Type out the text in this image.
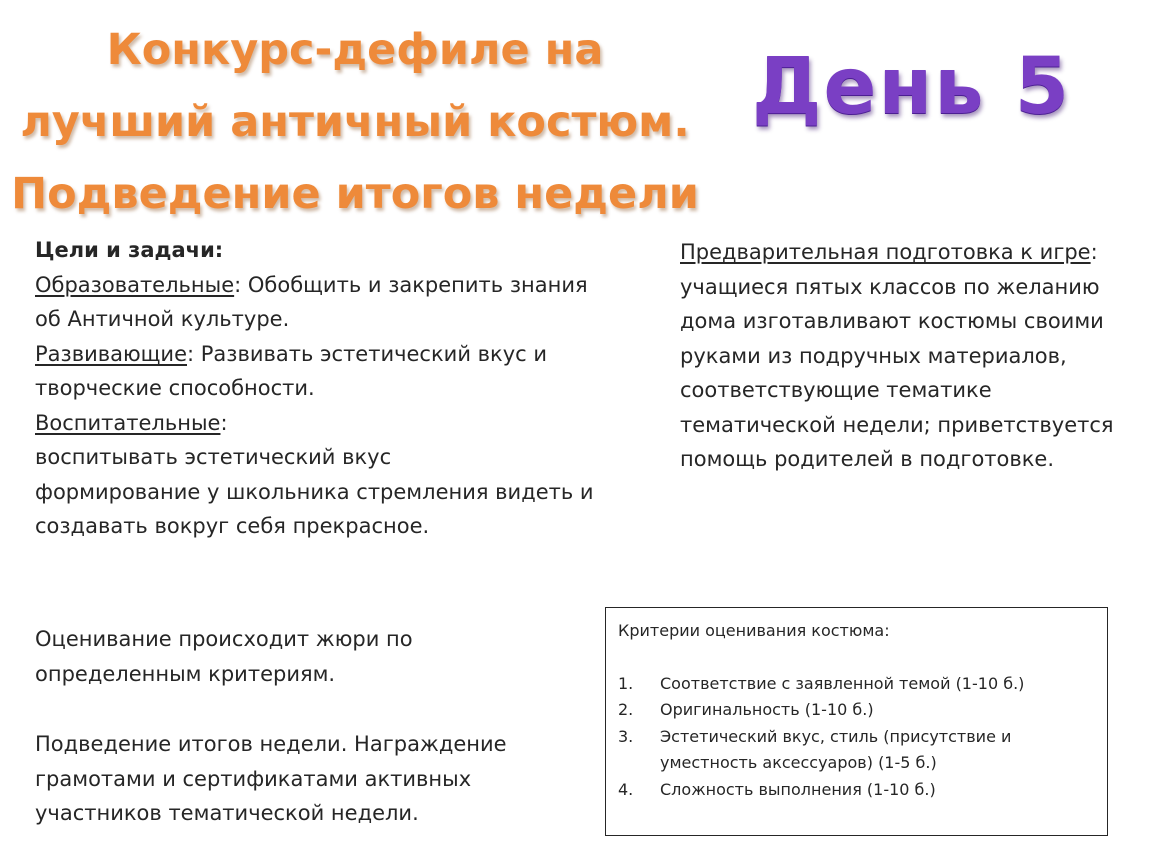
Конкурс-дефиле на
лучший античный костюм.
Подведение итогов недели
День 5
Цели и задачи:
Образовательные: Обобщить и закрепить знания об Античной культуре.
Развивающие: Развивать эстетический вкус и творческие способности.
Воспитательные:
воспитывать эстетический вкус
формирование у школьника стремления видеть и создавать вокруг себя прекрасное.
Предварительная подготовка к игре: учащиеся пятых классов по желанию дома изготавливают костюмы своими руками из подручных материалов, соответствующие тематике тематической недели; приветствуется помощь родителей в подготовке.
Оценивание происходит жюри по определенным критериям.
Подведение итогов недели. Награждение грамотами и сертификатами активных участников тематической недели.
Критерии оценивания костюма:
1.	Соответствие с заявленной темой (1-10 б.)
2.	Оригинальность (1-10 б.)
3.	Эстетический вкус, стиль (присутствие и уместность аксессуаров) (1-5 б.)
4.	Сложность выполнения (1-10 б.)
